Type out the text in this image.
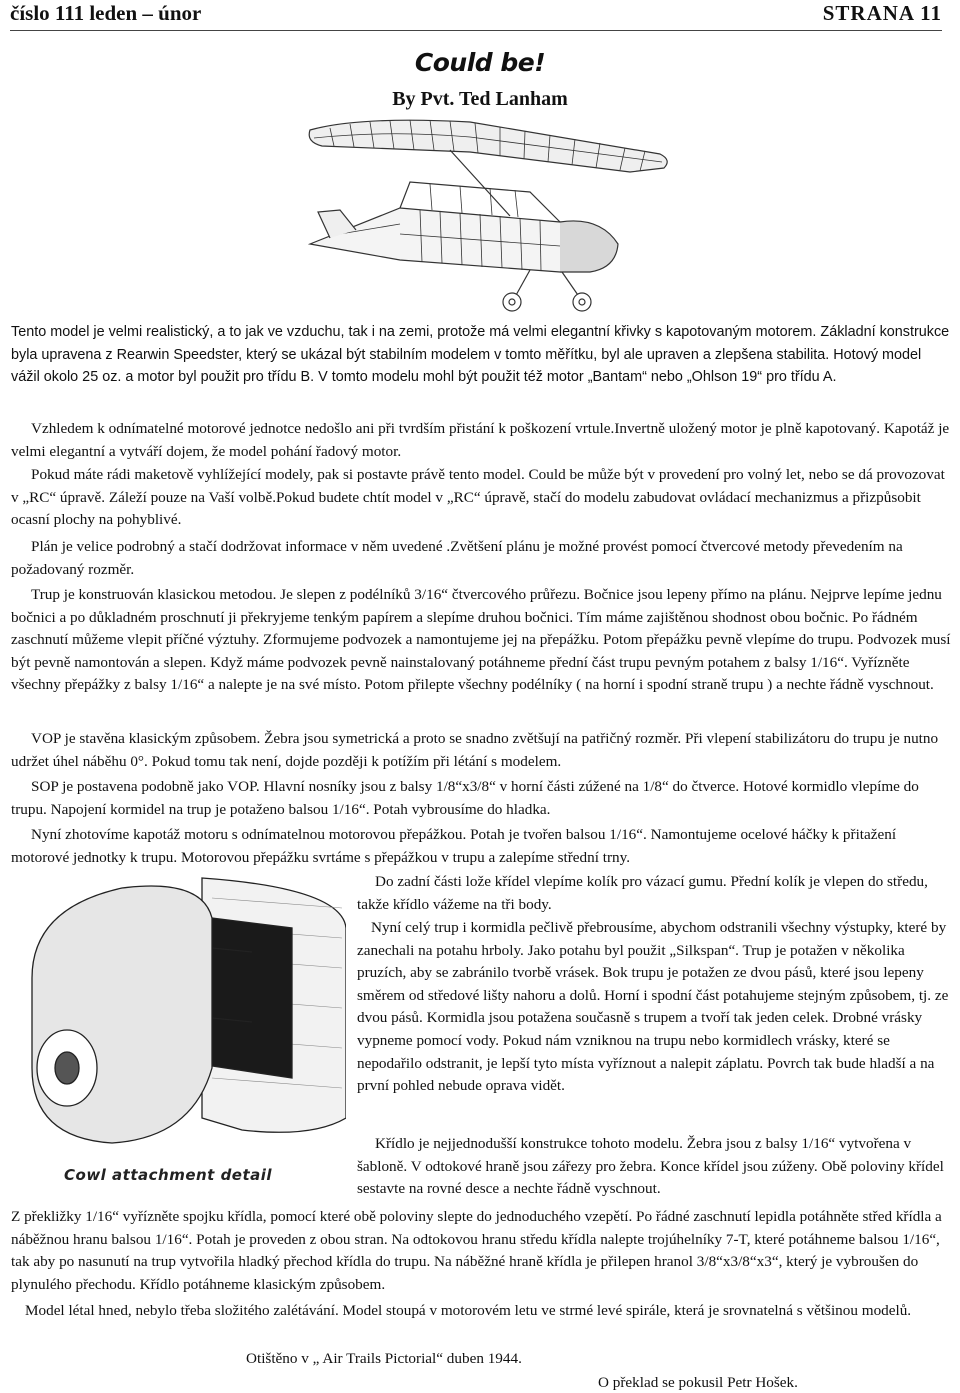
číslo 111 leden – únor	STRANA 11
Could be!
By Pvt. Ted Lanham

Tento model je velmi realistický, a to jak ve vzduchu, tak i na zemi, protože má velmi elegantní křivky s kapotovaným motorem. Základní konstrukce byla upravena z Rearwin Speedster, který se ukázal být stabilním modelem v tomto měřítku, byl ale upraven a zlepšena stabilita. Hotový model vážil okolo 25 oz. a motor byl použit pro třídu B. V tomto modelu mohl být použit též motor „Bantam“ nebo „Ohlson 19“ pro třídu A.

Vzhledem k odnímatelné motorové jednotce nedošlo ani při tvrdším přistání k poškození vrtule.Invertně uložený motor je plně kapotovaný. Kapotáž je velmi elegantní a vytváří dojem, že model pohání řadový motor.

Pokud máte rádi maketově vyhlížející modely, pak si postavte právě tento model. Could be může být v provedení pro volný let, nebo se dá provozovat v „RC“ úpravě. Záleží pouze na Vaší volbě.Pokud budete chtít model v „RC“ úpravě, stačí do modelu zabudovat ovládací mechanizmus a přizpůsobit ocasní plochy na pohyblivé.

Plán je velice podrobný a stačí dodržovat informace v něm uvedené .Zvětšení plánu je možné provést pomocí čtvercové metody převedením na požadovaný rozměr.

Trup je konstruován klasickou metodou. Je slepen z podélníků 3/16“ čtvercového průřezu. Bočnice jsou lepeny přímo na plánu. Nejprve lepíme jednu bočnici a po důkladném proschnutí ji překryjeme tenkým papírem a slepíme druhou bočnici. Tím máme zajištěnou shodnost obou bočnic. Po řádném zaschnutí můžeme vlepit příčné výztuhy. Zformujeme podvozek a namontujeme jej na přepážku. Potom přepážku pevně vlepíme do trupu. Podvozek musí být pevně namontován a slepen. Když máme podvozek pevně nainstalovaný potáhneme přední část trupu pevným potahem z balsy 1/16“. Vyřízněte všechny přepážky z balsy 1/16“ a nalepte je na své místo. Potom přilepte všechny podélníky ( na horní i spodní straně trupu ) a nechte řádně vyschnout.

VOP je stavěna klasickým způsobem. Žebra jsou symetrická a proto se snadno zvětšují na patřičný rozměr. Při vlepení stabilizátoru do trupu je nutno udržet úhel náběhu 0°. Pokud tomu tak není, dojde později k potížím při létání s modelem.

SOP je postavena podobně jako VOP. Hlavní nosníky jsou z balsy 1/8“x3/8“ v horní části zúžené na 1/8“ do čtverce. Hotové kormidlo vlepíme do trupu. Napojení kormidel na trup je potaženo balsou 1/16“. Potah vybrousíme do hladka.

Nyní zhotovíme kapotáž motoru s odnímatelnou motorovou přepážkou. Potah je tvořen balsou 1/16“. Namontujeme ocelové háčky k přitažení motorové jednotky k trupu. Motorovou přepážku svrtáme s přepážkou v trupu a zalepíme střední trny.

Cowl attachment detail

Do zadní části lože křídel vlepíme kolík pro vázací gumu. Přední kolík je vlepen do středu, takže křídlo vážeme na tři body.

Nyní celý trup i kormidla pečlivě přebrousíme, abychom odstranili všechny výstupky, které by zanechali na potahu hrboly. Jako potahu byl použit „Silkspan“. Trup je potažen v několika pruzích, aby se zabránilo tvorbě vrásek. Bok trupu je potažen ze dvou pásů, které jsou lepeny směrem od středové lišty nahoru a dolů. Horní i spodní část potahujeme stejným způsobem, tj. ze dvou pásů. Kormidla jsou potažena současně s trupem a tvoří tak jeden celek. Drobné vrásky vypneme pomocí vody. Pokud nám vzniknou na trupu nebo kormidlech vrásky, které se nepodařilo odstranit, je lepší tyto místa vyříznout a nalepit záplatu. Povrch tak bude hladší a na první pohled nebude oprava vidět.

Křídlo je nejjednodušší konstrukce tohoto modelu. Žebra jsou z balsy 1/16“ vytvořena v šabloně. V odtokové hraně jsou zářezy pro žebra. Konce křídel jsou zúženy. Obě poloviny křídel sestavte na rovné desce a nechte řádně vyschnout.

Z překližky 1/16“ vyřízněte spojku křídla, pomocí které obě poloviny slepte do jednoduchého vzepětí. Po řádné zaschnutí lepidla potáhněte střed křídla a náběžnou hranu balsou 1/16“. Potah je proveden z obou stran. Na odtokovou hranu středu křídla nalepte trojúhelníky 7-T, které potáhneme balsou 1/16“, tak aby po nasunutí na trup vytvořila hladký přechod křídla do trupu. Na náběžné hraně křídla je přilepen hranol 3/8“x3/8“x3“, který je vybroušen do plynulého přechodu. Křídlo potáhneme klasickým způsobem.

Model létal hned, nebylo třeba složitého zalétávání. Model stoupá v motorovém letu ve strmé levé spirále, která je srovnatelná s většinou modelů.

Otištěno v „ Air Trails Pictorial“ duben 1944.
O překlad se pokusil Petr Hošek.
